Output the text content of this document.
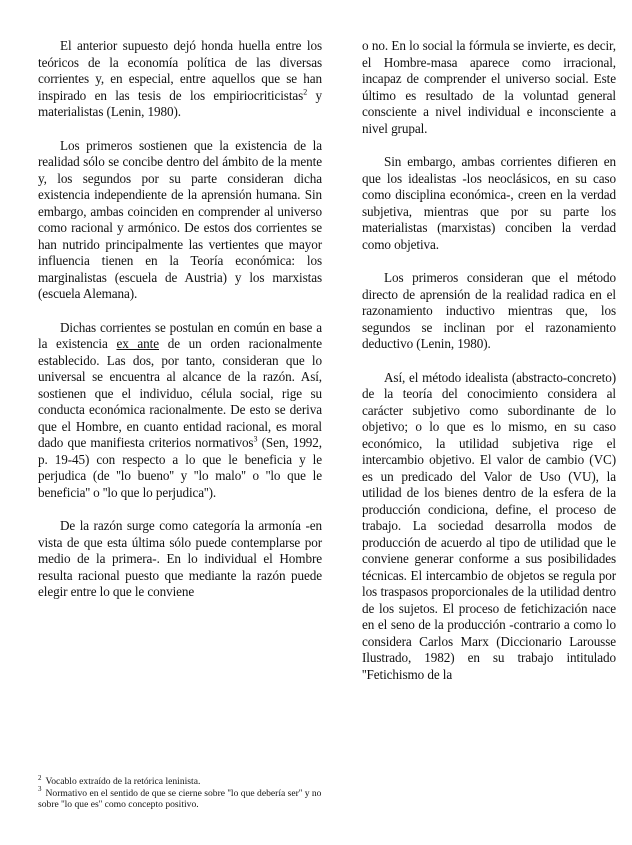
El anterior supuesto dejó honda huella entre los teóricos de la economía política de las diversas corrientes y, en especial, entre aquellos que se han inspirado en las tesis de los empiriocriticistas$^2$ y materialistas (Lenin, 1980).

Los primeros sostienen que la existencia de la realidad sólo se concibe dentro del ámbito de la mente y, los segundos por su parte consideran dicha existencia independiente de la aprensión humana. Sin embargo, ambas coinciden en comprender al universo como racional y armónico. De estos dos corrientes se han nutrido principalmente las vertientes que mayor influencia tienen en la Teoría económica: los marginalistas (escuela de Austria) y los marxistas (escuela Alemana).

Dichas corrientes se postulan en común en base a la existencia ex ante de un orden racionalmente establecido. Las dos, por tanto, consideran que lo universal se encuentra al alcance de la razón. Así, sostienen que el individuo, célula social, rige su conducta económica racionalmente. De esto se deriva que el Hombre, en cuanto entidad racional, es moral dado que manifiesta criterios normativos$^3$ (Sen, 1992, p. 19-45) con respecto a lo que le beneficia y le perjudica (de ''lo bueno'' y ''lo malo'' o ''lo que le beneficia'' o ''lo que lo perjudica'').

De la razón surge como categoría la armonía -en vista de que esta última sólo puede contemplarse por medio de la primera-. En lo individual el Hombre resulta racional puesto que mediante la razón puede elegir entre lo que le conviene

o no. En lo social la fórmula se invierte, es decir, el Hombre-masa aparece como irracional, incapaz de comprender el universo social. Este último es resultado de la voluntad general consciente a nivel individual e inconsciente a nivel grupal.

Sin embargo, ambas corrientes difieren en que los idealistas -los neoclásicos, en su caso como disciplina económica-, creen en la verdad subjetiva, mientras que por su parte los materialistas (marxistas) conciben la verdad como objetiva.

Los primeros consideran que el método directo de aprensión de la realidad radica en el razonamiento inductivo mientras que, los segundos se inclinan por el razonamiento deductivo (Lenin, 1980).

Así, el método idealista (abstracto-concreto) de la teoría del conocimiento considera al carácter subjetivo como subordinante de lo objetivo; o lo que es lo mismo, en su caso económico, la utilidad subjetiva rige el intercambio objetivo. El valor de cambio (VC) es un predicado del Valor de Uso (VU), la utilidad de los bienes dentro de la esfera de la producción condiciona, define, el proceso de trabajo. La sociedad desarrolla modos de producción de acuerdo al tipo de utilidad que le conviene generar conforme a sus posibilidades técnicas. El intercambio de objetos se regula por los traspasos proporcionales de la utilidad dentro de los sujetos. El proceso de fetichización nace en el seno de la producción -contrario a como lo considera Carlos Marx (Diccionario Larousse Ilustrado, 1982) en su trabajo intitulado ''Fetichismo de la

$^2$ Vocablo extraído de la retórica leninista.

$^3$ Normativo en el sentido de que se cierne sobre ''lo que debería ser'' y no sobre ''lo que es'' como concepto positivo.
